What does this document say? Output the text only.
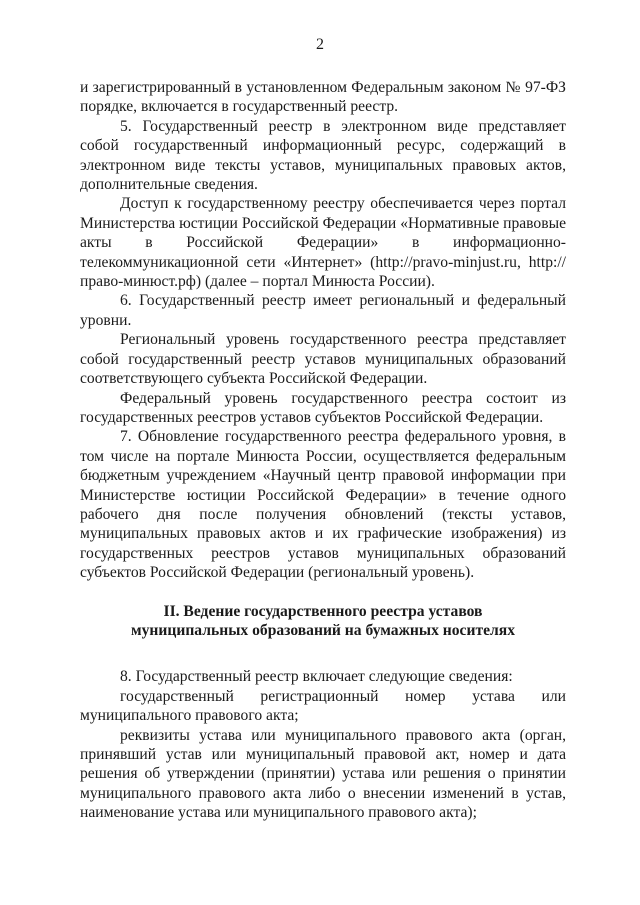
2

и зарегистрированный в установленном Федеральным законом № 97-ФЗ порядке, включается в государственный реестр.

5. Государственный реестр в электронном виде представляет собой государственный информационный ресурс, содержащий в электронном виде тексты уставов, муниципальных правовых актов, дополнительные сведения.

Доступ к государственному реестру обеспечивается через портал Министерства юстиции Российской Федерации «Нормативные правовые акты в Российской Федерации» в информационно-телекоммуникационной сети «Интернет» (http://pravo-minjust.ru, http://право-минюст.рф) (далее – портал Минюста России).

6. Государственный реестр имеет региональный и федеральный уровни.

Региональный уровень государственного реестра представляет собой государственный реестр уставов муниципальных образований соответствующего субъекта Российской Федерации.

Федеральный уровень государственного реестра состоит из государственных реестров уставов субъектов Российской Федерации.

7. Обновление государственного реестра федерального уровня, в том числе на портале Минюста России, осуществляется федеральным бюджетным учреждением «Научный центр правовой информации при Министерстве юстиции Российской Федерации» в течение одного рабочего дня после получения обновлений (тексты уставов, муниципальных правовых актов и их графические изображения) из государственных реестров уставов муниципальных образований субъектов Российской Федерации (региональный уровень).

II. Ведение государственного реестра уставов
муниципальных образований на бумажных носителях

8. Государственный реестр включает следующие сведения:

государственный регистрационный номер устава или муниципального правового акта;

реквизиты устава или муниципального правового акта (орган, принявший устав или муниципальный правовой акт, номер и дата решения об утверждении (принятии) устава или решения о принятии муниципального правового акта либо о внесении изменений в устав, наименование устава или муниципального правового акта);
